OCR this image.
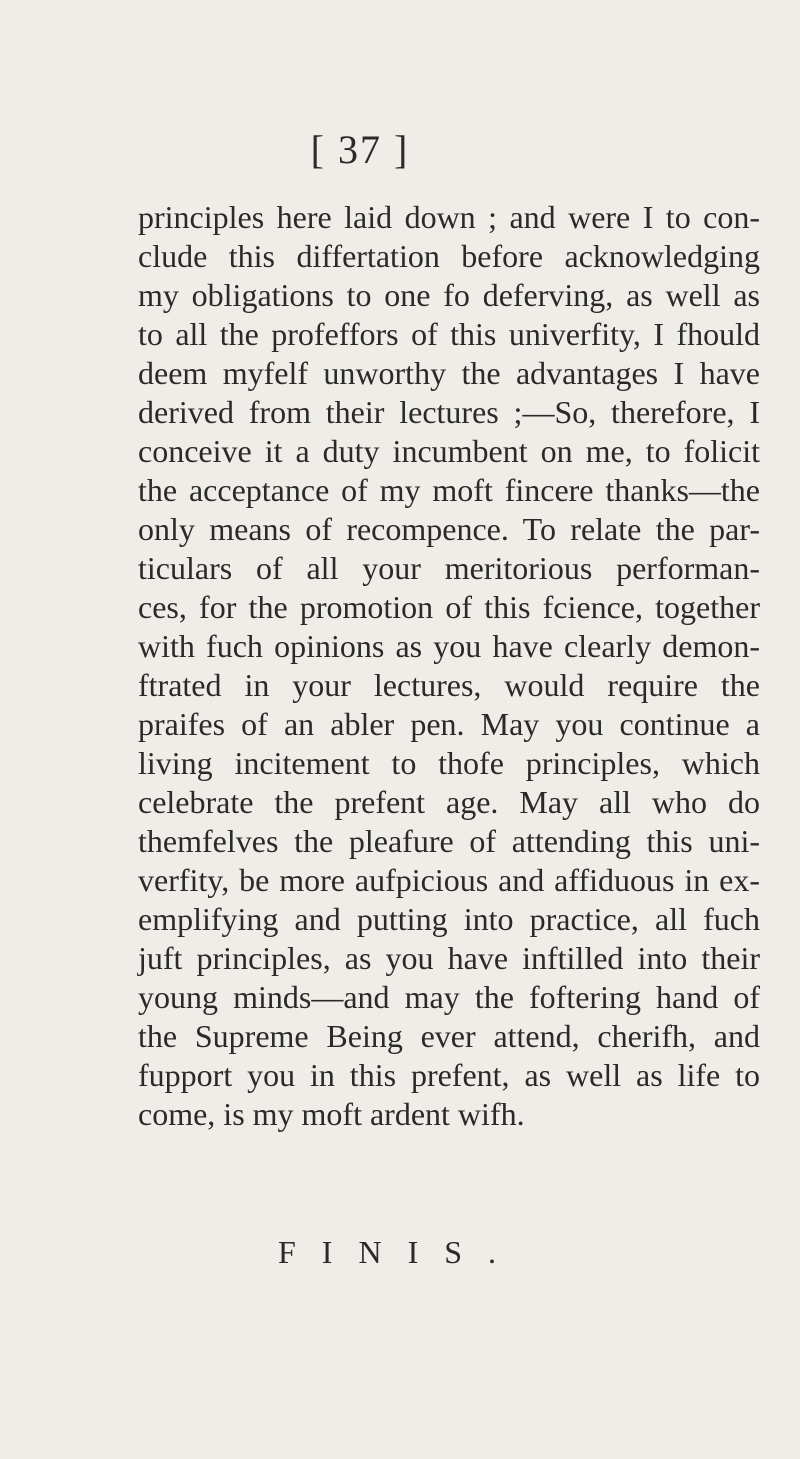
[ 37 ]
principles here laid down ; and were I to con-
clude this differtation before acknowledging
my obligations to one fo deferving, as well as
to all the profeffors of this univerfity, I fhould
deem myfelf unworthy the advantages I have
derived from their lectures ;—So, therefore, I
conceive it a duty incumbent on me, to folicit
the acceptance of my moft fincere thanks—the
only means of recompence. To relate the par-
ticulars of all your meritorious performan-
ces, for the promotion of this fcience, together
with fuch opinions as you have clearly demon-
ftrated in your lectures, would require the
praifes of an abler pen. May you continue a
living incitement to thofe principles, which
celebrate the prefent age. May all who do
themfelves the pleafure of attending this uni-
verfity, be more aufpicious and affiduous in ex-
emplifying and putting into practice, all fuch
juft principles, as you have inftilled into their
young minds—and may the foftering hand of
the Supreme Being ever attend, cherifh, and
fupport you in this prefent, as well as life to
come, is my moft ardent wifh.
FINIS.
